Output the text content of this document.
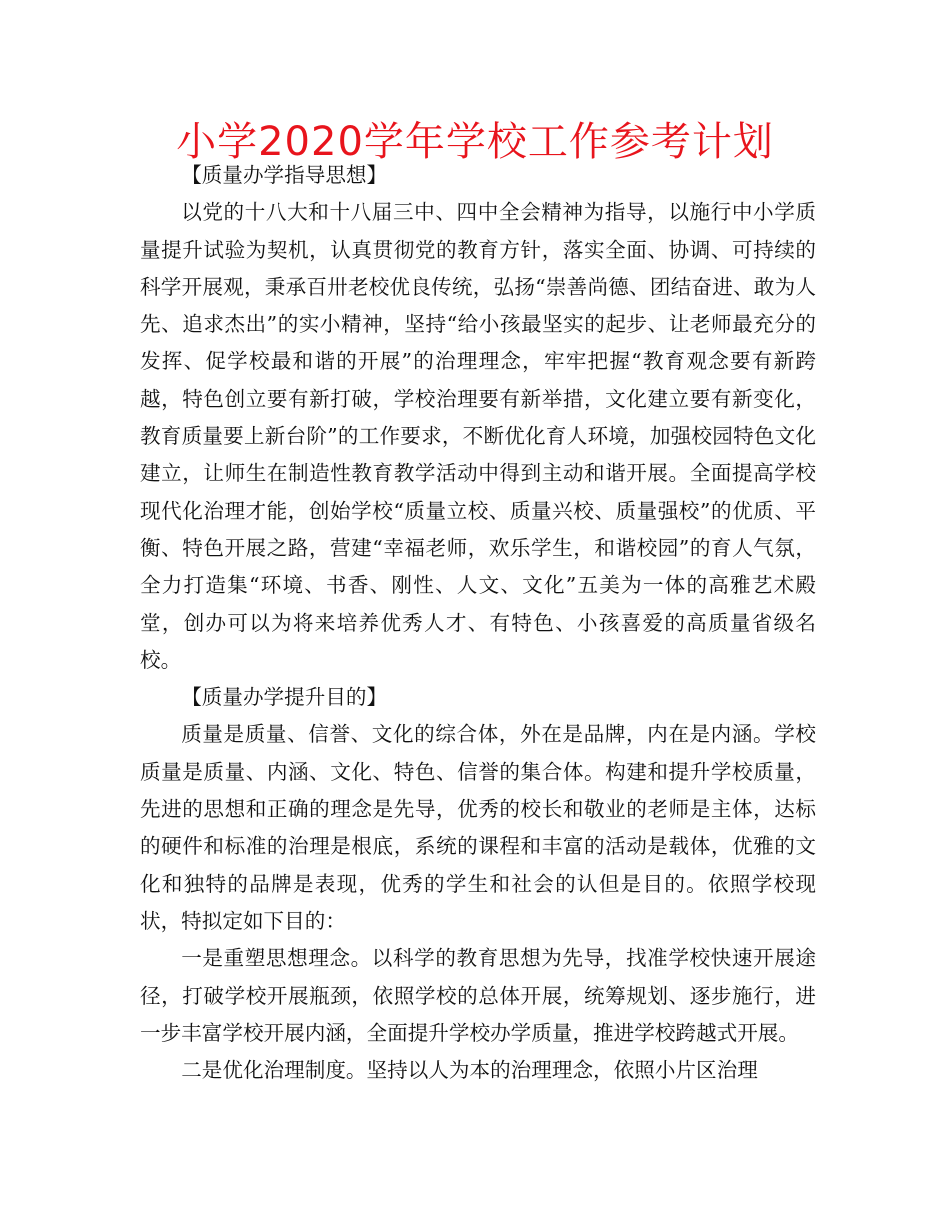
小学2020学年学校工作参考计划

【质量办学指导思想】

以党的十八大和十八届三中、四中全会精神为指导，以施行中小学质量提升试验为契机，认真贯彻党的教育方针，落实全面、协调、可持续的科学开展观，秉承百卅老校优良传统，弘扬“崇善尚德、团结奋进、敢为人先、追求杰出”的实小精神，坚持“给小孩最坚实的起步、让老师最充分的发挥、促学校最和谐的开展”的治理理念，牢牢把握“教育观念要有新跨越，特色创立要有新打破，学校治理要有新举措，文化建立要有新变化，教育质量要上新台阶”的工作要求，不断优化育人环境，加强校园特色文化建立，让师生在制造性教育教学活动中得到主动和谐开展。全面提高学校现代化治理才能，创始学校“质量立校、质量兴校、质量强校”的优质、平衡、特色开展之路，营建“幸福老师，欢乐学生，和谐校园”的育人气氛，全力打造集“环境、书香、刚性、人文、文化”五美为一体的高雅艺术殿堂，创办可以为将来培养优秀人才、有特色、小孩喜爱的高质量省级名校。

【质量办学提升目的】

质量是质量、信誉、文化的综合体，外在是品牌，内在是内涵。学校质量是质量、内涵、文化、特色、信誉的集合体。构建和提升学校质量，先进的思想和正确的理念是先导，优秀的校长和敬业的老师是主体，达标的硬件和标准的治理是根底，系统的课程和丰富的活动是载体，优雅的文化和独特的品牌是表现，优秀的学生和社会的认但是目的。依照学校现状，特拟定如下目的：

一是重塑思想理念。以科学的教育思想为先导，找准学校快速开展途径，打破学校开展瓶颈，依照学校的总体开展，统筹规划、逐步施行，进一步丰富学校开展内涵，全面提升学校办学质量，推进学校跨越式开展。

二是优化治理制度。坚持以人为本的治理理念，依照小片区治理
